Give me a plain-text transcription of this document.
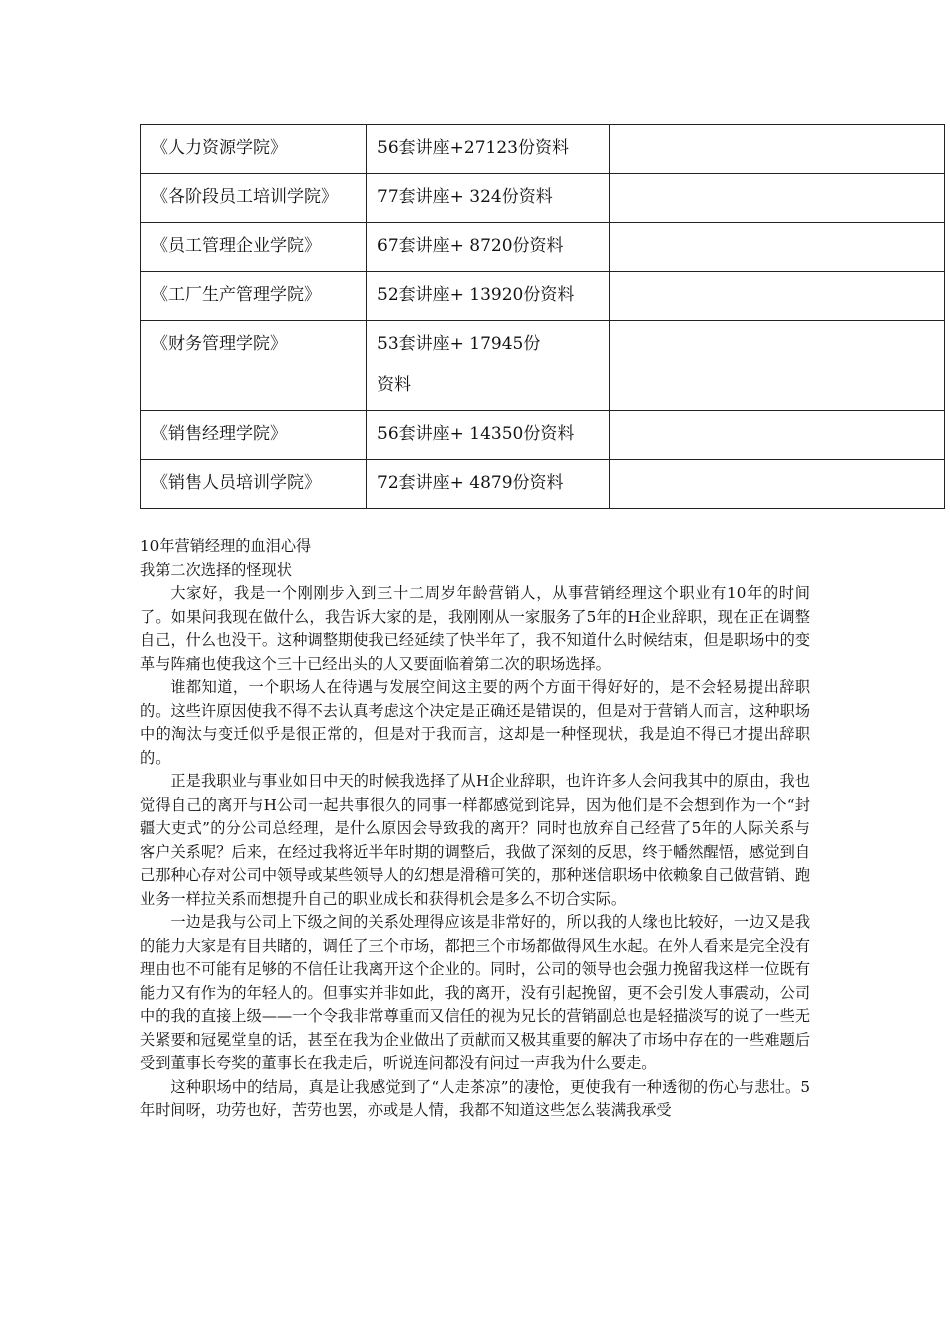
《人力资源学院》	56套讲座+27123份资料	
《各阶段员工培训学院》	77套讲座+ 324份资料	
《员工管理企业学院》	67套讲座+ 8720份资料	
《工厂生产管理学院》	52套讲座+ 13920份资料	
《财务管理学院》	53套讲座+ 17945份资料	
《销售经理学院》	56套讲座+ 14350份资料	
《销售人员培训学院》	72套讲座+ 4879份资料	
10年营销经理的血泪心得
我第二次选择的怪现状

大家好，我是一个刚刚步入到三十二周岁年龄营销人，从事营销经理这个职业有10年的时间了。如果问我现在做什么，我告诉大家的是，我刚刚从一家服务了5年的H企业辞职，现在正在调整自己，什么也没干。这种调整期使我已经延续了快半年了，我不知道什么时候结束，但是职场中的变革与阵痛也使我这个三十已经出头的人又要面临着第二次的职场选择。

谁都知道，一个职场人在待遇与发展空间这主要的两个方面干得好好的，是不会轻易提出辞职的。这些许原因使我不得不去认真考虑这个决定是正确还是错误的，但是对于营销人而言，这种职场中的淘汰与变迁似乎是很正常的，但是对于我而言，这却是一种怪现状，我是迫不得已才提出辞职的。

正是我职业与事业如日中天的时候我选择了从H企业辞职，也许许多人会问我其中的原由，我也觉得自己的离开与H公司一起共事很久的同事一样都感觉到诧异，因为他们是不会想到作为一个“封疆大吏式”的分公司总经理，是什么原因会导致我的离开？同时也放弃自己经营了5年的人际关系与客户关系呢？后来，在经过我将近半年时期的调整后，我做了深刻的反思，终于幡然醒悟，感觉到自己那种心存对公司中领导或某些领导人的幻想是滑稽可笑的，那种迷信职场中依赖象自己做营销、跑业务一样拉关系而想提升自己的职业成长和获得机会是多么不切合实际。

一边是我与公司上下级之间的关系处理得应该是非常好的，所以我的人缘也比较好，一边又是我的能力大家是有目共睹的，调任了三个市场，都把三个市场都做得风生水起。在外人看来是完全没有理由也不可能有足够的不信任让我离开这个企业的。同时，公司的领导也会强力挽留我这样一位既有能力又有作为的年轻人的。但事实并非如此，我的离开，没有引起挽留，更不会引发人事震动，公司中的我的直接上级——一个令我非常尊重而又信任的视为兄长的营销副总也是轻描淡写的说了一些无关紧要和冠冕堂皇的话，甚至在我为企业做出了贡献而又极其重要的解决了市场中存在的一些难题后受到董事长夸奖的董事长在我走后，听说连问都没有问过一声我为什么要走。

这种职场中的结局，真是让我感觉到了“人走茶凉”的凄怆，更使我有一种透彻的伤心与悲壮。5年时间呀，功劳也好，苦劳也罢，亦或是人情，我都不知道这些怎么装满我承受
